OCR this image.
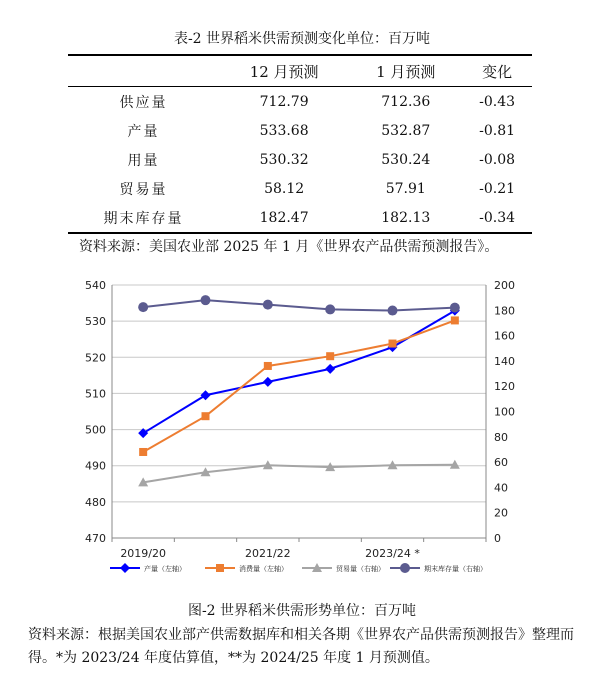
表-2 世界稻米供需预测变化单位：百万吨
	12 月预测	1 月预测	变化
供应量	712.79	712.36	-0.43
产量	533.68	532.87	-0.81
用量	530.32	530.24	-0.08
贸易量	58.12	57.91	-0.21
期末库存量	182.47	182.13	-0.34
资料来源：美国农业部 2025 年 1 月《世界农产品供需预测报告》。
470
480
490
500
510
520
530
540
0
20
40
60
80
100
120
140
160
180
200
2019/20	2021/22	2023/24 *
产量（左轴）	消费量（左轴）	贸易量（右轴）	期末库存量（右轴）
图-2 世界稻米供需形势单位：百万吨
资料来源：根据美国农业部产供需数据库和相关各期《世界农产品供需预测报告》整理而得。*为 2023/24 年度估算值，**为 2024/25 年度 1 月预测值。
